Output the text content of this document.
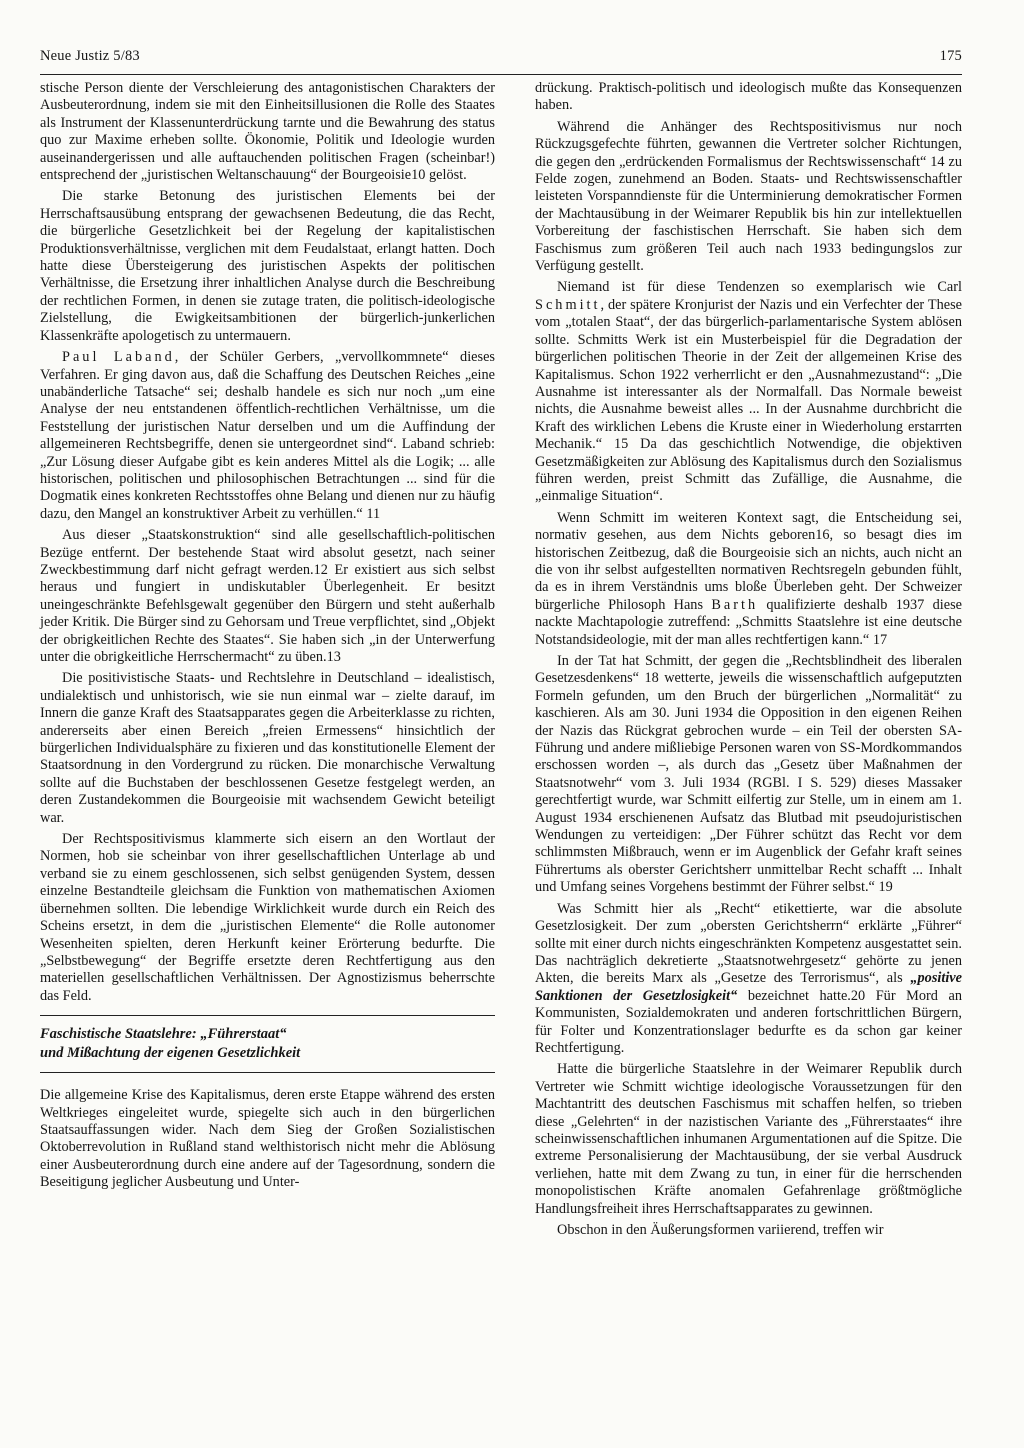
Neue Justiz 5/83	175

stische Person diente der Verschleierung des antagonistischen Charakters der Ausbeuterordnung, indem sie mit den Einheitsillusionen die Rolle des Staates als Instrument der Klassenunterdrückung tarnte und die Bewahrung des status quo zur Maxime erheben sollte. Ökonomie, Politik und Ideologie wurden auseinandergerissen und alle auftauchenden politischen Fragen (scheinbar!) entsprechend der „juristischen Weltanschauung“ der Bourgeoisie10 gelöst.

Die starke Betonung des juristischen Elements bei der Herrschaftsausübung entsprang der gewachsenen Bedeutung, die das Recht, die bürgerliche Gesetzlichkeit bei der Regelung der kapitalistischen Produktionsverhältnisse, verglichen mit dem Feudalstaat, erlangt hatten. Doch hatte diese Übersteigerung des juristischen Aspekts der politischen Verhältnisse, die Ersetzung ihrer inhaltlichen Analyse durch die Beschreibung der rechtlichen Formen, in denen sie zutage traten, die politisch-ideologische Zielstellung, die Ewigkeitsambitionen der bürgerlich-junkerlichen Klassenkräfte apologetisch zu untermauern.

Paul Laband, der Schüler Gerbers, „vervollkommnete“ dieses Verfahren. Er ging davon aus, daß die Schaffung des Deutschen Reiches „eine unabänderliche Tatsache“ sei; deshalb handele es sich nur noch „um eine Analyse der neu entstandenen öffentlich-rechtlichen Verhältnisse, um die Feststellung der juristischen Natur derselben und um die Auffindung der allgemeineren Rechtsbegriffe, denen sie untergeordnet sind“. Laband schrieb: „Zur Lösung dieser Aufgabe gibt es kein anderes Mittel als die Logik; ... alle historischen, politischen und philosophischen Betrachtungen ... sind für die Dogmatik eines konkreten Rechtsstoffes ohne Belang und dienen nur zu häufig dazu, den Mangel an konstruktiver Arbeit zu verhüllen.“ 11

Aus dieser „Staatskonstruktion“ sind alle gesellschaftlich-politischen Bezüge entfernt. Der bestehende Staat wird absolut gesetzt, nach seiner Zweckbestimmung darf nicht gefragt werden.12 Er existiert aus sich selbst heraus und fungiert in undiskutabler Überlegenheit. Er besitzt uneingeschränkte Befehlsgewalt gegenüber den Bürgern und steht außerhalb jeder Kritik. Die Bürger sind zu Gehorsam und Treue verpflichtet, sind „Objekt der obrigkeitlichen Rechte des Staates“. Sie haben sich „in der Unterwerfung unter die obrigkeitliche Herrschermacht“ zu üben.13

Die positivistische Staats- und Rechtslehre in Deutschland – idealistisch, undialektisch und unhistorisch, wie sie nun einmal war – zielte darauf, im Innern die ganze Kraft des Staatsapparates gegen die Arbeiterklasse zu richten, andererseits aber einen Bereich „freien Ermessens“ hinsichtlich der bürgerlichen Individualsphäre zu fixieren und das konstitutionelle Element der Staatsordnung in den Vordergrund zu rücken. Die monarchische Verwaltung sollte auf die Buchstaben der beschlossenen Gesetze festgelegt werden, an deren Zustandekommen die Bourgeoisie mit wachsendem Gewicht beteiligt war.

Der Rechtspositivismus klammerte sich eisern an den Wortlaut der Normen, hob sie scheinbar von ihrer gesellschaftlichen Unterlage ab und verband sie zu einem geschlossenen, sich selbst genügenden System, dessen einzelne Bestandteile gleichsam die Funktion von mathematischen Axiomen übernehmen sollten. Die lebendige Wirklichkeit wurde durch ein Reich des Scheins ersetzt, in dem die „juristischen Elemente“ die Rolle autonomer Wesenheiten spielten, deren Herkunft keiner Erörterung bedurfte. Die „Selbstbewegung“ der Begriffe ersetzte deren Rechtfertigung aus den materiellen gesellschaftlichen Verhältnissen. Der Agnostizismus beherrschte das Feld.

Faschistische Staatslehre: „Führerstaat“
und Mißachtung der eigenen Gesetzlichkeit

Die allgemeine Krise des Kapitalismus, deren erste Etappe während des ersten Weltkrieges eingeleitet wurde, spiegelte sich auch in den bürgerlichen Staatsauffassungen wider. Nach dem Sieg der Großen Sozialistischen Oktoberrevolution in Rußland stand welthistorisch nicht mehr die Ablösung einer Ausbeuterordnung durch eine andere auf der Tagesordnung, sondern die Beseitigung jeglicher Ausbeutung und Unter-

drückung. Praktisch-politisch und ideologisch mußte das Konsequenzen haben.

Während die Anhänger des Rechtspositivismus nur noch Rückzugsgefechte führten, gewannen die Vertreter solcher Richtungen, die gegen den „erdrückenden Formalismus der Rechtswissenschaft“ 14 zu Felde zogen, zunehmend an Boden. Staats- und Rechtswissenschaftler leisteten Vorspanndienste für die Unterminierung demokratischer Formen der Machtausübung in der Weimarer Republik bis hin zur intellektuellen Vorbereitung der faschistischen Herrschaft. Sie haben sich dem Faschismus zum größeren Teil auch nach 1933 bedingungslos zur Verfügung gestellt.

Niemand ist für diese Tendenzen so exemplarisch wie Carl Schmitt, der spätere Kronjurist der Nazis und ein Verfechter der These vom „totalen Staat“, der das bürgerlich-parlamentarische System ablösen sollte. Schmitts Werk ist ein Musterbeispiel für die Degradation der bürgerlichen politischen Theorie in der Zeit der allgemeinen Krise des Kapitalismus. Schon 1922 verherrlicht er den „Ausnahmezustand“: „Die Ausnahme ist interessanter als der Normalfall. Das Normale beweist nichts, die Ausnahme beweist alles ... In der Ausnahme durchbricht die Kraft des wirklichen Lebens die Kruste einer in Wiederholung erstarrten Mechanik.“ 15 Da das geschichtlich Notwendige, die objektiven Gesetzmäßigkeiten zur Ablösung des Kapitalismus durch den Sozialismus führen werden, preist Schmitt das Zufällige, die Ausnahme, die „einmalige Situation“.

Wenn Schmitt im weiteren Kontext sagt, die Entscheidung sei, normativ gesehen, aus dem Nichts geboren16, so besagt dies im historischen Zeitbezug, daß die Bourgeoisie sich an nichts, auch nicht an die von ihr selbst aufgestellten normativen Rechtsregeln gebunden fühlt, da es in ihrem Verständnis ums bloße Überleben geht. Der Schweizer bürgerliche Philosoph Hans Barth qualifizierte deshalb 1937 diese nackte Machtapologie zutreffend: „Schmitts Staatslehre ist eine deutsche Notstandsideologie, mit der man alles rechtfertigen kann.“ 17

In der Tat hat Schmitt, der gegen die „Rechtsblindheit des liberalen Gesetzesdenkens“ 18 wetterte, jeweils die wissenschaftlich aufgeputzten Formeln gefunden, um den Bruch der bürgerlichen „Normalität“ zu kaschieren. Als am 30. Juni 1934 die Opposition in den eigenen Reihen der Nazis das Rückgrat gebrochen wurde – ein Teil der obersten SA-Führung und andere mißliebige Personen waren von SS-Mordkommandos erschossen worden –, als durch das „Gesetz über Maßnahmen der Staatsnotwehr“ vom 3. Juli 1934 (RGBl. I S. 529) dieses Massaker gerechtfertigt wurde, war Schmitt eilfertig zur Stelle, um in einem am 1. August 1934 erschienenen Aufsatz das Blutbad mit pseudojuristischen Wendungen zu verteidigen: „Der Führer schützt das Recht vor dem schlimmsten Mißbrauch, wenn er im Augenblick der Gefahr kraft seines Führertums als oberster Gerichtsherr unmittelbar Recht schafft ... Inhalt und Umfang seines Vorgehens bestimmt der Führer selbst.“ 19

Was Schmitt hier als „Recht“ etikettierte, war die absolute Gesetzlosigkeit. Der zum „obersten Gerichtsherrn“ erklärte „Führer“ sollte mit einer durch nichts eingeschränkten Kompetenz ausgestattet sein. Das nachträglich dekretierte „Staatsnotwehrgesetz“ gehörte zu jenen Akten, die bereits Marx als „Gesetze des Terrorismus“, als „positive Sanktionen der Gesetzlosigkeit“ bezeichnet hatte.20 Für Mord an Kommunisten, Sozialdemokraten und anderen fortschrittlichen Bürgern, für Folter und Konzentrationslager bedurfte es da schon gar keiner Rechtfertigung.

Hatte die bürgerliche Staatslehre in der Weimarer Republik durch Vertreter wie Schmitt wichtige ideologische Voraussetzungen für den Machtantritt des deutschen Faschismus mit schaffen helfen, so trieben diese „Gelehrten“ in der nazistischen Variante des „Führerstaates“ ihre scheinwissenschaftlichen inhumanen Argumentationen auf die Spitze. Die extreme Personalisierung der Machtausübung, der sie verbal Ausdruck verliehen, hatte mit dem Zwang zu tun, in einer für die herrschenden monopolistischen Kräfte anomalen Gefahrenlage größtmögliche Handlungsfreiheit ihres Herrschaftsapparates zu gewinnen.

Obschon in den Äußerungsformen variierend, treffen wir
